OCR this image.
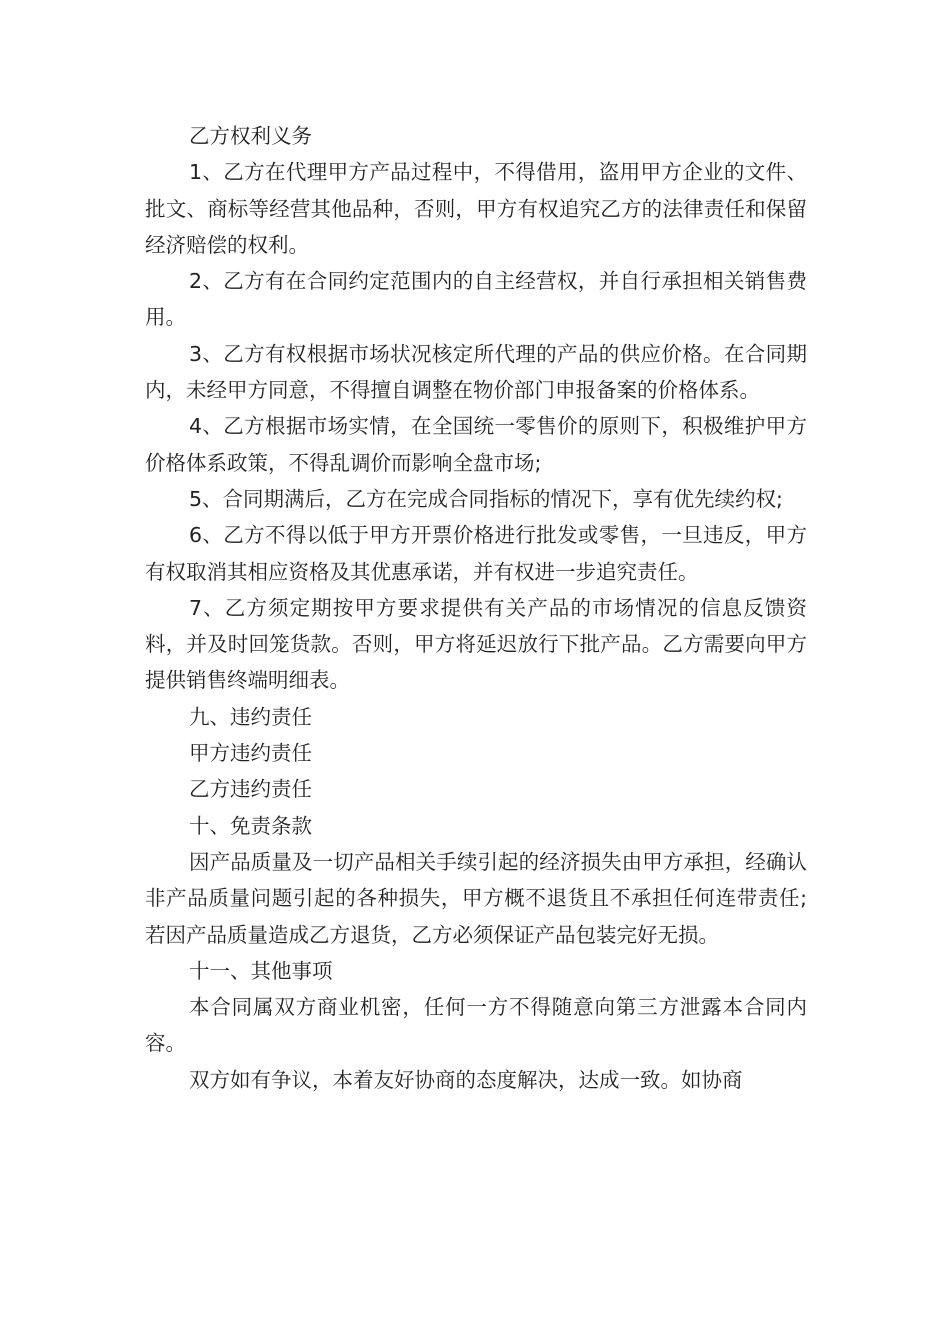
乙方权利义务

1、乙方在代理甲方产品过程中，不得借用，盗用甲方企业的文件、批文、商标等经营其他品种，否则，甲方有权追究乙方的法律责任和保留经济赔偿的权利。

2、乙方有在合同约定范围内的自主经营权，并自行承担相关销售费用。

3、乙方有权根据市场状况核定所代理的产品的供应价格。在合同期内，未经甲方同意，不得擅自调整在物价部门申报备案的价格体系。

4、乙方根据市场实情，在全国统一零售价的原则下，积极维护甲方价格体系政策，不得乱调价而影响全盘市场;

5、合同期满后，乙方在完成合同指标的情况下，享有优先续约权;

6、乙方不得以低于甲方开票价格进行批发或零售，一旦违反，甲方有权取消其相应资格及其优惠承诺，并有权进一步追究责任。

7、乙方须定期按甲方要求提供有关产品的市场情况的信息反馈资料，并及时回笼货款。否则，甲方将延迟放行下批产品。乙方需要向甲方提供销售终端明细表。

九、违约责任

甲方违约责任

乙方违约责任

十、免责条款

因产品质量及一切产品相关手续引起的经济损失由甲方承担，经确认非产品质量问题引起的各种损失，甲方概不退货且不承担任何连带责任;若因产品质量造成乙方退货，乙方必须保证产品包装完好无损。

十一、其他事项

本合同属双方商业机密，任何一方不得随意向第三方泄露本合同内容。

双方如有争议，本着友好协商的态度解决，达成一致。如协商
